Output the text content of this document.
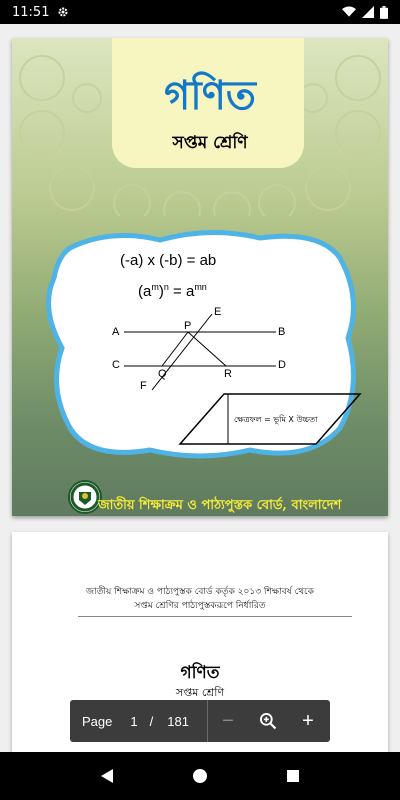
11:51
গণিত
সপ্তম শ্রেণি
(-a) x (-b) = ab
$(a^m)^n = a^{mn}$
A	B
C	D
E
F
P
Q	R
ক্ষেত্রফল = ভূমি X উচ্চতা
জাতীয় শিক্ষাক্রম ও পাঠ্যপুস্তক বোর্ড, বাংলাদেশ
জাতীয় শিক্ষাক্রম ও পাঠ্যপুস্তক বোর্ড কর্তৃক ২০১৩ শিক্ষাবর্ষ থেকে
সপ্তম শ্রেণির পাঠ্যপুস্তকরূপে নির্ধারিত
গণিত
সপ্তম শ্রেণি
Page 1 / 181	−	+
